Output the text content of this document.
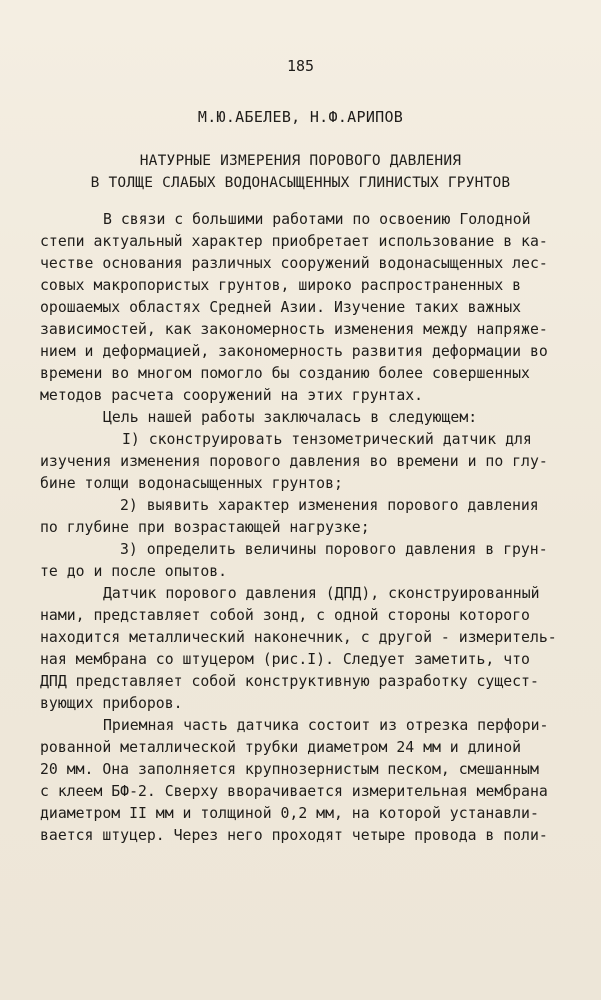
185
М.Ю.АБЕЛЕВ, Н.Ф.АРИПОВ
НАТУРНЫЕ ИЗМЕРЕНИЯ ПОРОВОГО ДАВЛЕНИЯ
В ТОЛЩЕ СЛАБЫХ ВОДОНАСЫЩЕННЫХ ГЛИНИСТЫХ ГРУНТОВ
В связи с большими работами по освоению Голодной
степи актуальный характер приобретает использование в ка-
честве основания различных сооружений водонасыщенных лес-
совых макропористых грунтов, широко распространенных в
орошаемых областях Средней Азии. Изучение таких важных
зависимостей, как закономерность изменения между напряже-
нием и деформацией, закономерность развития деформации во
времени во многом помогло бы созданию более совершенных
методов расчета сооружений на этих грунтах.
Цель нашей работы заключалась в следующем:
I) сконструировать тензометрический датчик для
изучения изменения порового давления во времени и по глу-
бине толщи водонасыщенных грунтов;
2) выявить характер изменения порового давления
по глубине при возрастающей нагрузке;
3) определить величины порового давления в грун-
те до и после опытов.
Датчик порового давления (ДПД), сконструированный
нами, представляет собой зонд, с одной стороны которого
находится металлический наконечник, с другой - измеритель-
ная мембрана со штуцером (рис.I). Следует заметить, что
ДПД представляет собой конструктивную разработку сущест-
вующих приборов.
Приемная часть датчика состоит из отрезка перфори-
рованной металлической трубки диаметром 24 мм и длиной
20 мм. Она заполняется крупнозернистым песком, смешанным
с клеем БФ-2. Сверху вворачивается измерительная мембрана
диаметром II мм и толщиной 0,2 мм, на которой устанавли-
вается штуцер. Через него проходят четыре провода в поли-
